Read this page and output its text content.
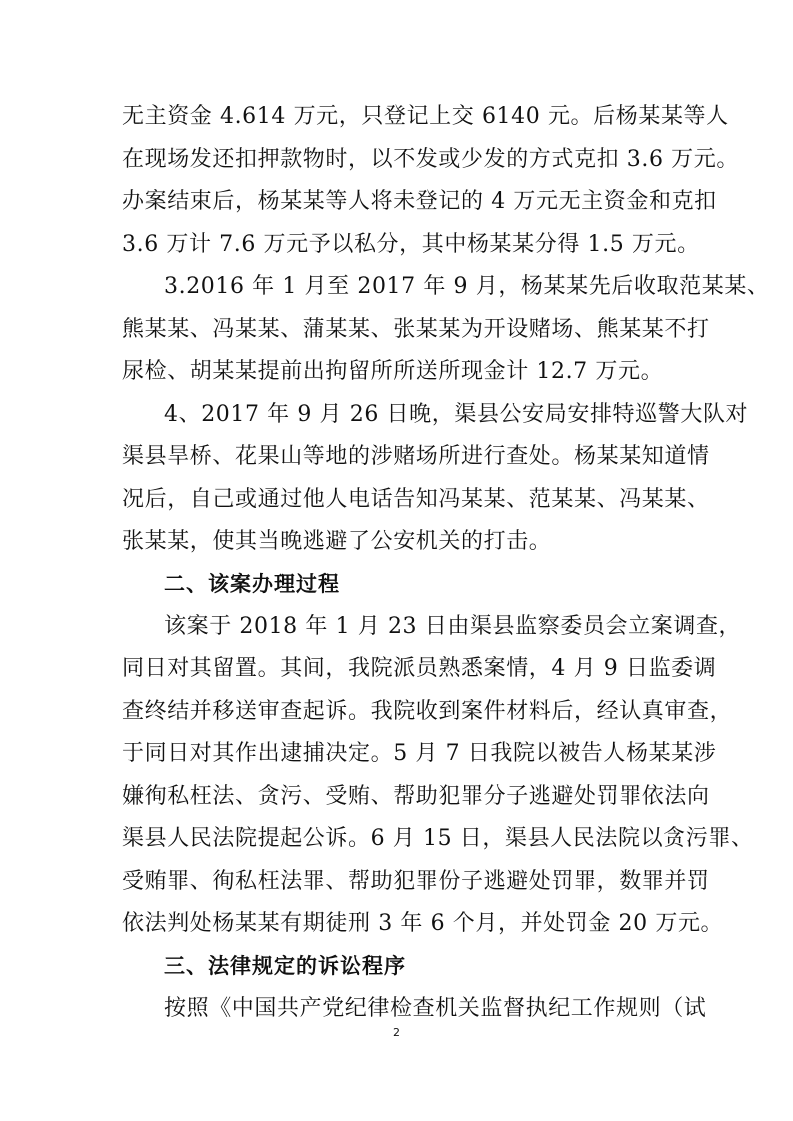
无主资金 4.614 万元，只登记上交 6140 元。后杨某某等人
在现场发还扣押款物时，以不发或少发的方式克扣 3.6 万元。
办案结束后，杨某某等人将未登记的 4 万元无主资金和克扣
3.6 万计 7.6 万元予以私分，其中杨某某分得 1.5 万元。
3.2016 年 1 月至 2017 年 9 月，杨某某先后收取范某某、
熊某某、冯某某、蒲某某、张某某为开设赌场、熊某某不打
尿检、胡某某提前出拘留所所送所现金计 12.7 万元。
4、2017 年 9 月 26 日晚，渠县公安局安排特巡警大队对
渠县旱桥、花果山等地的涉赌场所进行查处。杨某某知道情
况后，自己或通过他人电话告知冯某某、范某某、冯某某、
张某某，使其当晚逃避了公安机关的打击。
二、该案办理过程
该案于 2018 年 1 月 23 日由渠县监察委员会立案调查，
同日对其留置。其间，我院派员熟悉案情，4 月 9 日监委调
查终结并移送审查起诉。我院收到案件材料后，经认真审查，
于同日对其作出逮捕决定。5 月 7 日我院以被告人杨某某涉
嫌徇私枉法、贪污、受贿、帮助犯罪分子逃避处罚罪依法向
渠县人民法院提起公诉。6 月 15 日，渠县人民法院以贪污罪、
受贿罪、徇私枉法罪、帮助犯罪份子逃避处罚罪，数罪并罚
依法判处杨某某有期徒刑 3 年 6 个月，并处罚金 20 万元。
三、法律规定的诉讼程序
按照《中国共产党纪律检查机关监督执纪工作规则（试
2
